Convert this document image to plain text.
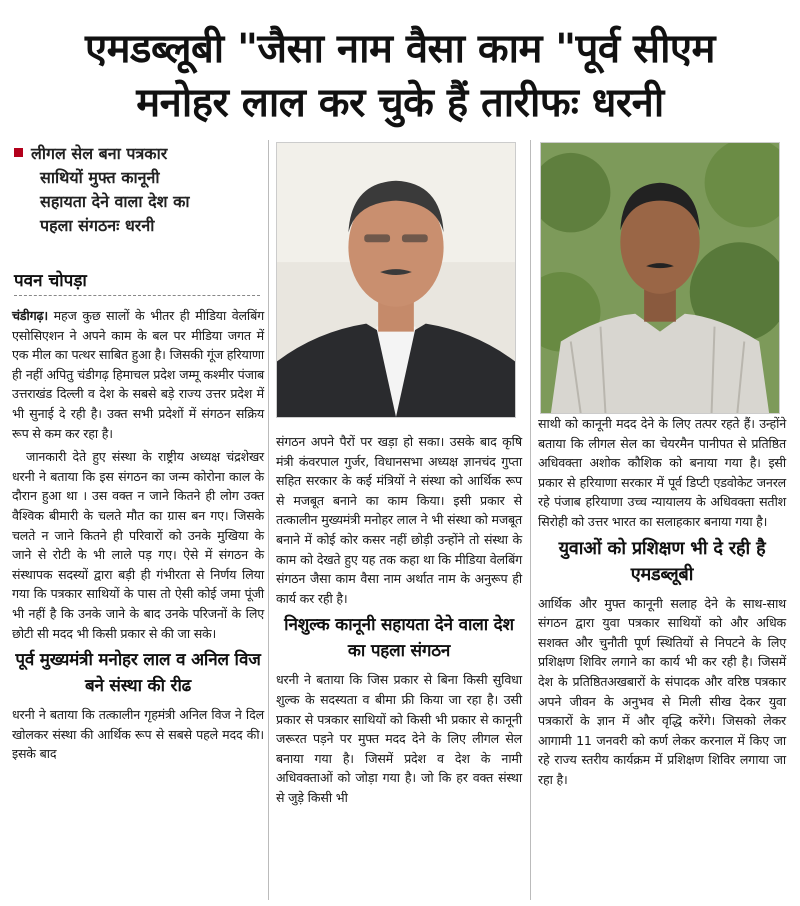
एमडब्लूबी "जैसा नाम वैसा काम "पूर्व सीएम
मनोहर लाल कर चुके हैं तारीफः धरनी
लीगल सेल बना पत्रकार
साथियों मुफ्त कानूनी
सहायता देने वाला देश का
पहला संगठनः धरनी
पवन चोपड़ा

चंडीगढ़। महज कुछ सालों के भीतर ही मीडिया वेलबिंग एसोसिएशन ने अपने काम के बल पर मीडिया जगत में एक मील का पत्थर साबित हुआ है। जिसकी गूंज हरियाणा ही नहीं अपितु चंडीगढ़ हिमाचल प्रदेश जम्मू कश्मीर पंजाब उत्तराखंड दिल्ली व देश के सबसे बड़े राज्य उत्तर प्रदेश में भी सुनाई दे रही है। उक्त सभी प्रदेशों में संगठन सक्रिय रूप से कम कर रहा है।

जानकारी देते हुए संस्था के राष्ट्रीय अध्यक्ष चंद्रशेखर धरनी ने बताया कि इस संगठन का जन्म कोरोना काल के दौरान हुआ था । उस वक्त न जाने कितने ही लोग उक्त वैश्विक बीमारी के चलते मौत का ग्रास बन गए। जिसके चलते न जाने कितने ही परिवारों को उनके मुखिया के जाने से रोटी के भी लाले पड़ गए। ऐसे में संगठन के संस्थापक सदस्यों द्वारा बड़ी ही गंभीरता से निर्णय लिया गया कि पत्रकार साथियों के पास तो ऐसी कोई जमा पूंजी भी नहीं है कि उनके जाने के बाद उनके परिजनों के लिए छोटी सी मदद भी किसी प्रकार से की जा सके।

पूर्व मुख्यमंत्री मनोहर लाल व अनिल विज बने संस्था की रीढ

धरनी ने बताया कि तत्कालीन गृहमंत्री अनिल विज ने दिल खोलकर संस्था की आर्थिक रूप से सबसे पहले मदद की। इसके बाद

संगठन अपने पैरों पर खड़ा हो सका। उसके बाद कृषि मंत्री कंवरपाल गुर्जर, विधानसभा अध्यक्ष ज्ञानचंद गुप्ता सहित सरकार के कई मंत्रियों ने संस्था को आर्थिक रूप से मजबूत बनाने का काम किया। इसी प्रकार से तत्कालीन मुख्यमंत्री मनोहर लाल ने भी संस्था को मजबूत बनाने में कोई कोर कसर नहीं छोड़ी उन्होंने तो संस्था के काम को देखते हुए यह तक कहा था कि मीडिया वेलबिंग संगठन जैसा काम वैसा नाम अर्थात नाम के अनुरूप ही कार्य कर रही है।

निशुल्क कानूनी सहायता देने वाला देश का पहला संगठन

धरनी ने बताया कि जिस प्रकार से बिना किसी सुविधा शुल्क के सदस्यता व बीमा फ्री किया जा रहा है। उसी प्रकार से पत्रकार साथियों को किसी भी प्रकार से कानूनी जरूरत पड़ने पर मुफ्त मदद देने के लिए लीगल सेल बनाया गया है। जिसमें प्रदेश व देश के नामी अधिवक्ताओं को जोड़ा गया है। जो कि हर वक्त संस्था से जुड़े किसी भी

साथी को कानूनी मदद देने के लिए तत्पर रहते हैं। उन्होंने बताया कि लीगल सेल का चेयरमैन पानीपत से प्रतिष्ठित अधिवक्ता अशोक कौशिक को बनाया गया है। इसी प्रकार से हरियाणा सरकार में पूर्व डिप्टी एडवोकेट जनरल रहे पंजाब हरियाणा उच्च न्यायालय के अधिवक्ता सतीश सिरोही को उत्तर भारत का सलाहकार बनाया गया है।

युवाओं को प्रशिक्षण भी दे रही है एमडब्लूबी

आर्थिक और मुफ्त कानूनी सलाह देने के साथ-साथ संगठन द्वारा युवा पत्रकार साथियों को और अधिक सशक्त और चुनौती पूर्ण स्थितियों से निपटने के लिए प्रशिक्षण शिविर लगाने का कार्य भी कर रही है। जिसमें देश के प्रतिष्ठितअखबारों के संपादक और वरिष्ठ पत्रकार अपने जीवन के अनुभव से मिली सीख देकर युवा पत्रकारों के ज्ञान में और वृद्धि करेंगे। जिसको लेकर आगामी 11 जनवरी को कर्ण लेकर करनाल में किए जा रहे राज्य स्तरीय कार्यक्रम में प्रशिक्षण शिविर लगाया जा रहा है।
